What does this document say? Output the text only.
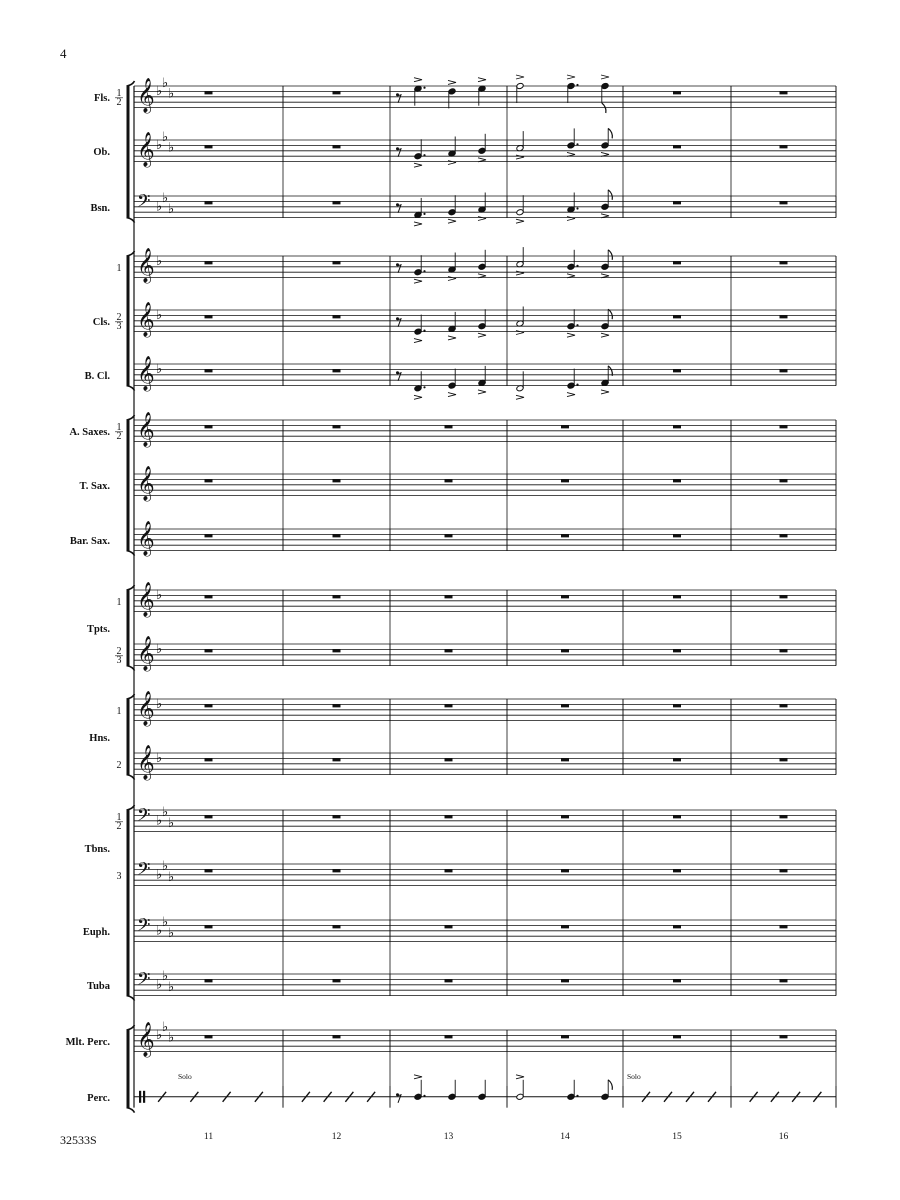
4
32533S
𝄞 ♭
♭
♭
𝄞 ♭
♭
♭
𝄢 ♭
♭
♭
𝄞 ♭
𝄞 ♭
𝄞 ♭
𝄞
𝄞
𝄞
𝄞 ♭
𝄞 ♭
𝄞 ♭
𝄞 ♭
𝄢 ♭
♭
♭
𝄢 ♭
♭
♭
𝄢 ♭
♭
♭
𝄢 ♭
♭
♭
𝄞 ♭
♭
♭
Fls. 1
2
Ob.
Bsn.
1
Cls. 2
3
B. Cl.
A. Saxes. 1
2
T. Sax.
Bar. Sax.
1
Tpts.
2
3
1
Hns.
2
1
2
Tbns.
3
Euph.
Tuba
Mlt. Perc.
Perc.
11	12	13	14	15	16
Solo	Solo
